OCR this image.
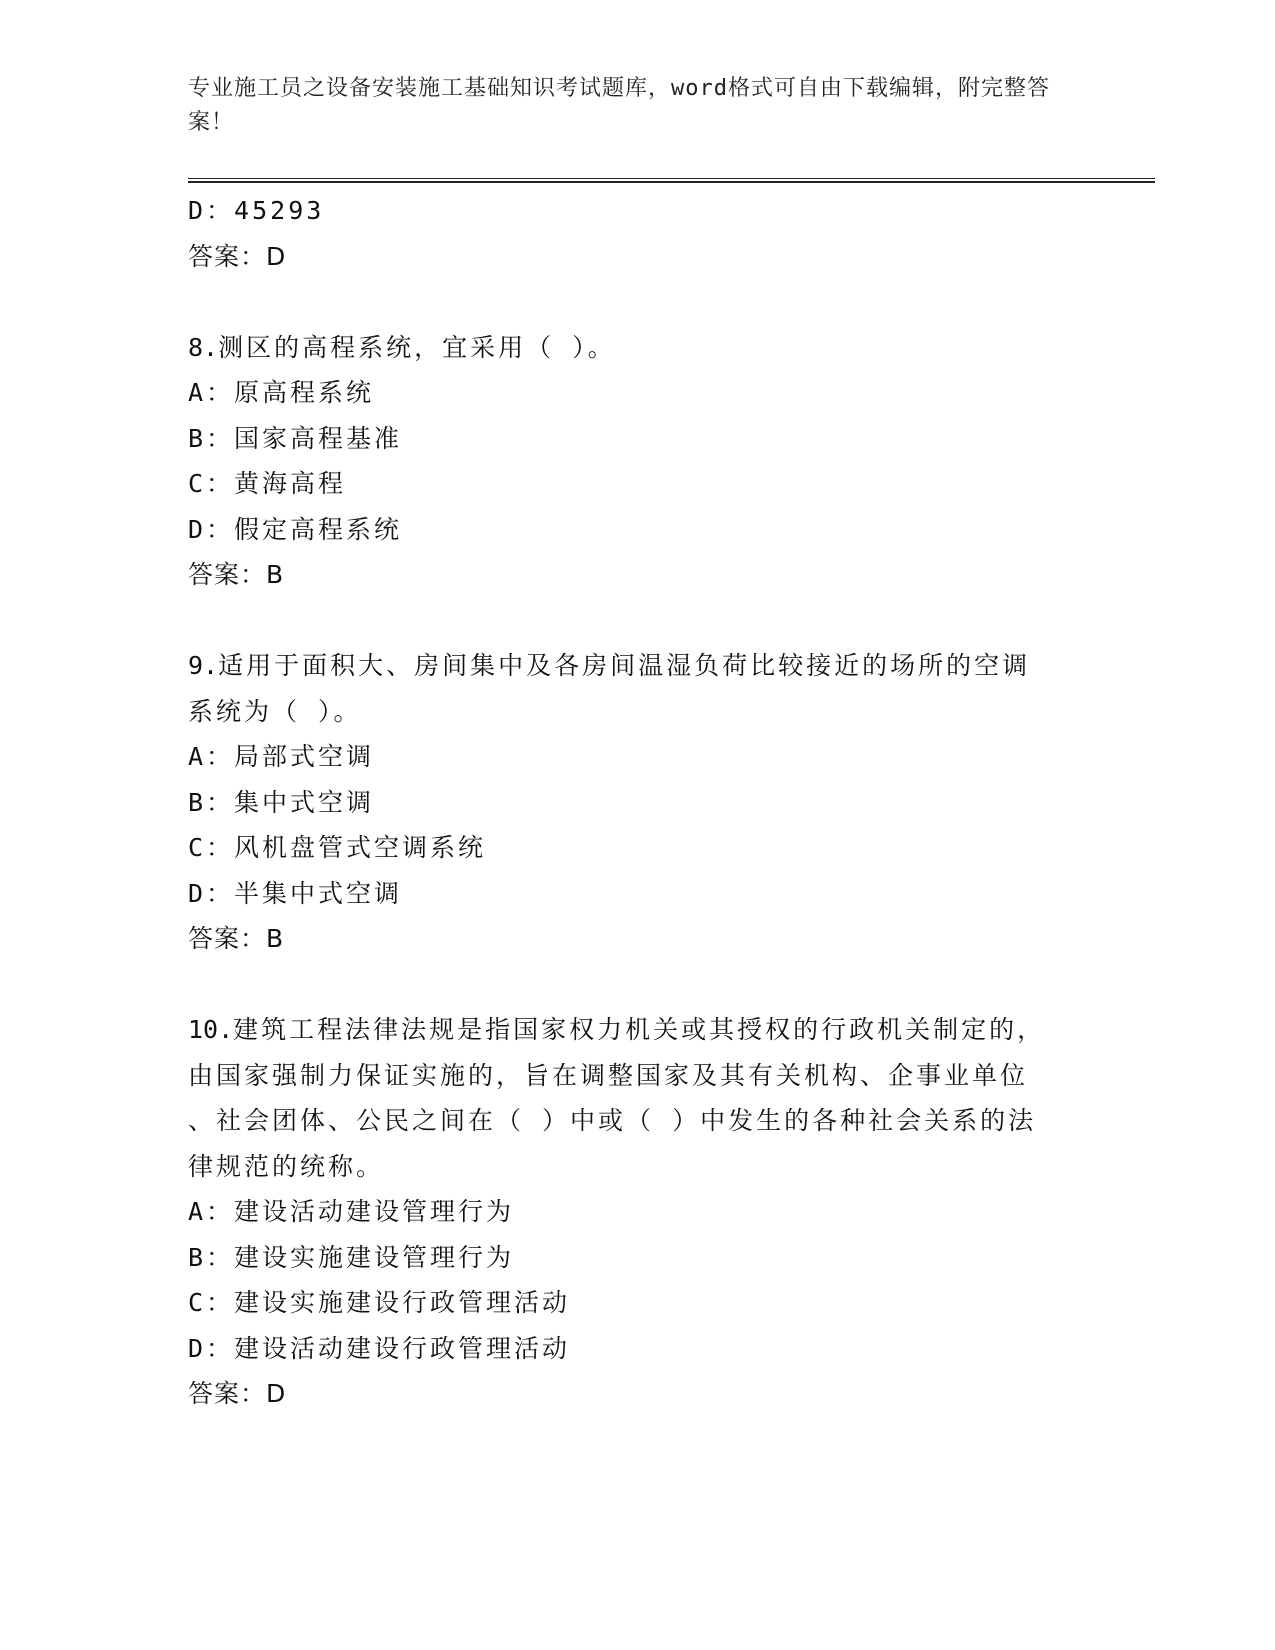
专业施工员之设备安装施工基础知识考试题库，word格式可自由下载编辑，附完整答案！
D：45293
答案：D
8.测区的高程系统，宜采用（ ）。
A：原高程系统
B：国家高程基准
C：黄海高程
D：假定高程系统
答案：B
9.适用于面积大、房间集中及各房间温湿负荷比较接近的场所的空调
系统为（ ）。
A：局部式空调
B：集中式空调
C：风机盘管式空调系统
D：半集中式空调
答案：B
10.建筑工程法律法规是指国家权力机关或其授权的行政机关制定的，
由国家强制力保证实施的，旨在调整国家及其有关机构、企事业单位
、社会团体、公民之间在（ ）中或（ ）中发生的各种社会关系的法
律规范的统称。
A：建设活动建设管理行为
B：建设实施建设管理行为
C：建设实施建设行政管理活动
D：建设活动建设行政管理活动
答案：D
